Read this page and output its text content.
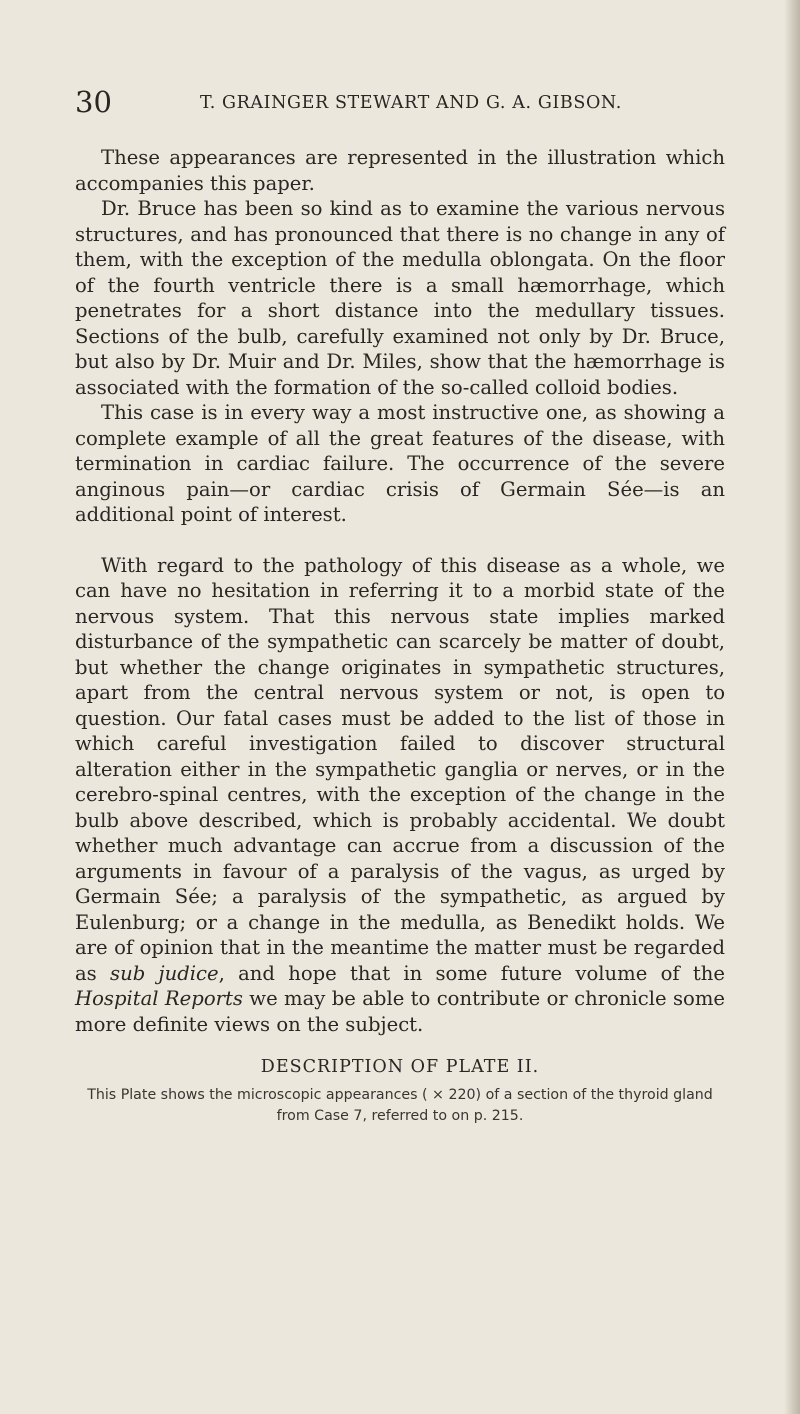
30	T. GRAINGER STEWART AND G. A. GIBSON.

These appearances are represented in the illustration which accompanies this paper.

Dr. Bruce has been so kind as to examine the various nervous structures, and has pronounced that there is no change in any of them, with the exception of the medulla oblongata. On the floor of the fourth ventricle there is a small hæmorrhage, which penetrates for a short distance into the medullary tissues. Sections of the bulb, carefully examined not only by Dr. Bruce, but also by Dr. Muir and Dr. Miles, show that the hæmorrhage is associated with the formation of the so-called colloid bodies.

This case is in every way a most instructive one, as showing a complete example of all the great features of the disease, with termination in cardiac failure. The occurrence of the severe anginous pain—or cardiac crisis of Germain Sée—is an additional point of interest.

With regard to the pathology of this disease as a whole, we can have no hesitation in referring it to a morbid state of the nervous system. That this nervous state implies marked disturbance of the sympathetic can scarcely be matter of doubt, but whether the change originates in sympathetic structures, apart from the central nervous system or not, is open to question. Our fatal cases must be added to the list of those in which careful investigation failed to discover structural alteration either in the sympathetic ganglia or nerves, or in the cerebro-spinal centres, with the exception of the change in the bulb above described, which is probably accidental. We doubt whether much advantage can accrue from a discussion of the arguments in favour of a paralysis of the vagus, as urged by Germain Sée; a paralysis of the sympathetic, as argued by Eulenburg; or a change in the medulla, as Benedikt holds. We are of opinion that in the meantime the matter must be regarded as sub judice, and hope that in some future volume of the Hospital Reports we may be able to contribute or chronicle some more definite views on the subject.

DESCRIPTION OF PLATE II.

This Plate shows the microscopic appearances ( × 220) of a section of the thyroid gland from Case 7, referred to on p. 215.
